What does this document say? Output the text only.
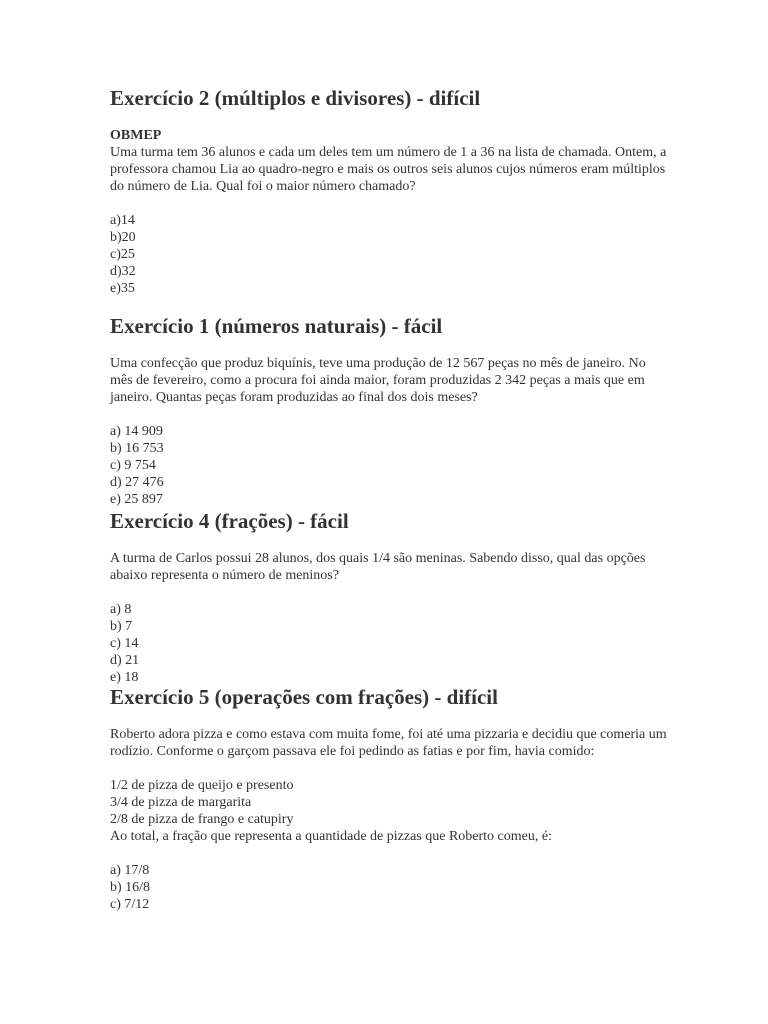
Exercício 2 (múltiplos e divisores) - difícil

OBMEP

Uma turma tem 36 alunos e cada um deles tem um número de 1 a 36 na lista de chamada. Ontem, a professora chamou Lia ao quadro-negro e mais os outros seis alunos cujos números eram múltiplos do número de Lia. Qual foi o maior número chamado?

a)14
b)20
c)25
d)32
e)35
Exercício 1 (números naturais) - fácil

Uma confecção que produz biquínis, teve uma produção de 12 567 peças no mês de janeiro. No mês de fevereiro, como a procura foi ainda maior, foram produzidas 2 342 peças a mais que em janeiro. Quantas peças foram produzidas ao final dos dois meses?

a) 14 909
b) 16 753
c) 9 754
d) 27 476
e) 25 897
Exercício 4 (frações) - fácil

A turma de Carlos possui 28 alunos, dos quais 1/4 são meninas. Sabendo disso, qual das opções abaixo representa o número de meninos?

a) 8
b) 7
c) 14
d) 21
e) 18
Exercício 5 (operações com frações) - difícil

Roberto adora pizza e como estava com muita fome, foi até uma pizzaria e decidiu que comeria um rodízio. Conforme o garçom passava ele foi pedindo as fatias e por fim, havia comido:

1/2 de pizza de queijo e presento
3/4 de pizza de margarita
2/8 de pizza de frango e catupiry
Ao total, a fração que representa a quantidade de pizzas que Roberto comeu, é:
a) 17/8
b) 16/8
c) 7/12
